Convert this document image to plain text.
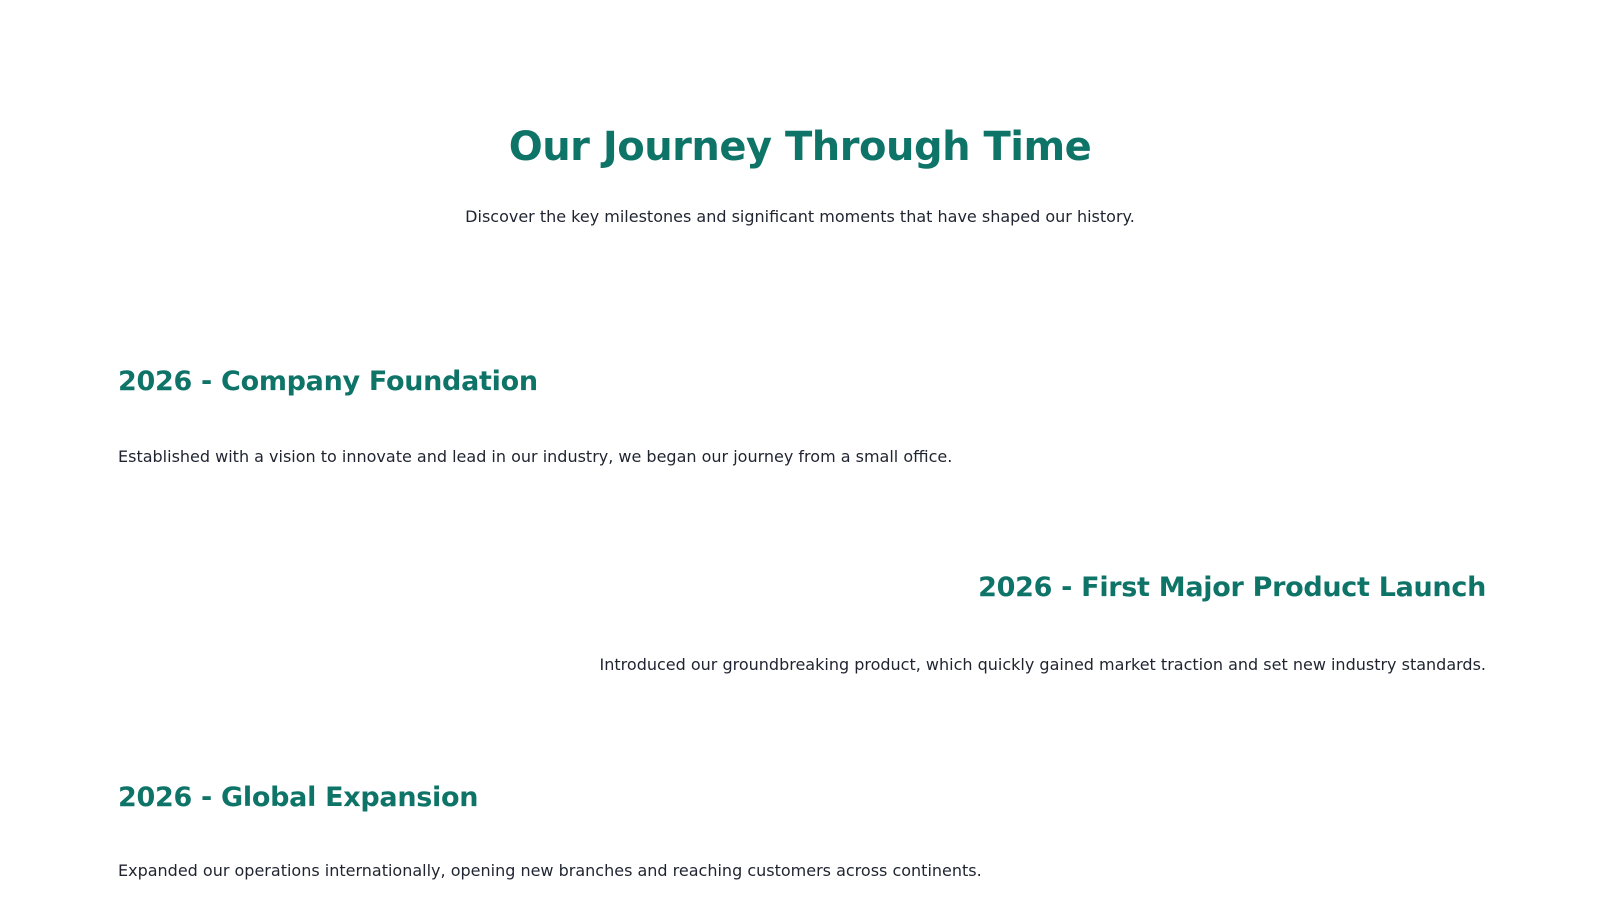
Our Journey Through Time

Discover the key milestones and significant moments that have shaped our history.

2026 - Company Foundation

Established with a vision to innovate and lead in our industry, we began our journey from a small office.

2026 - First Major Product Launch

Introduced our groundbreaking product, which quickly gained market traction and set new industry standards.

2026 - Global Expansion

Expanded our operations internationally, opening new branches and reaching customers across continents.
